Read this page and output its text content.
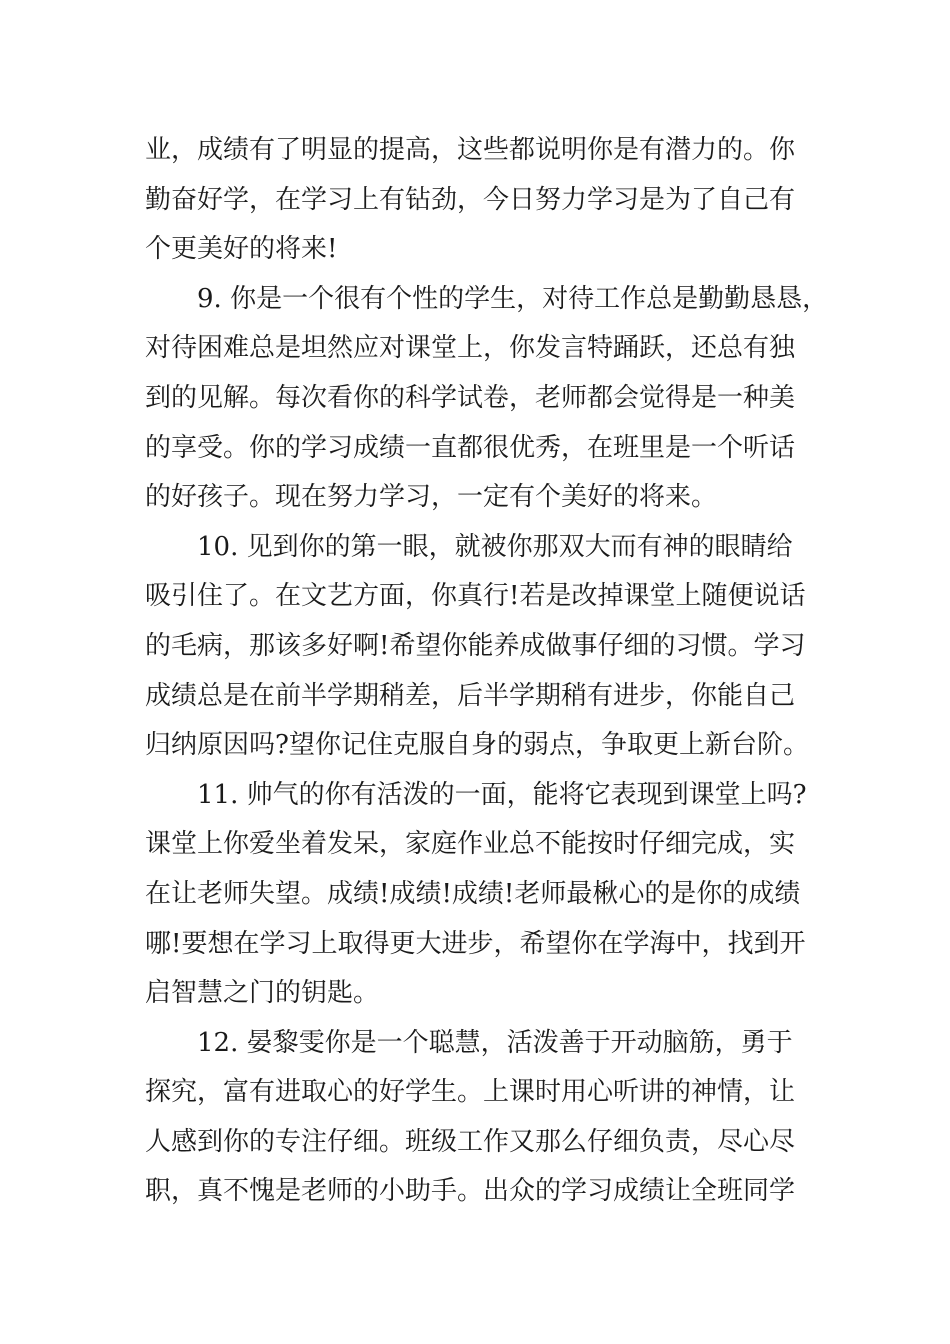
业，成绩有了明显的提高，这些都说明你是有潜力的。你
勤奋好学，在学习上有钻劲，今日努力学习是为了自己有
个更美好的将来!
9. 你是一个很有个性的学生，对待工作总是勤勤恳恳，
对待困难总是坦然应对课堂上，你发言特踊跃，还总有独
到的见解。每次看你的科学试卷，老师都会觉得是一种美
的享受。你的学习成绩一直都很优秀，在班里是一个听话
的好孩子。现在努力学习，一定有个美好的将来。
10. 见到你的第一眼，就被你那双大而有神的眼睛给
吸引住了。在文艺方面，你真行!若是改掉课堂上随便说话
的毛病，那该多好啊!希望你能养成做事仔细的习惯。学习
成绩总是在前半学期稍差，后半学期稍有进步，你能自己
归纳原因吗?望你记住克服自身的弱点，争取更上新台阶。
11. 帅气的你有活泼的一面，能将它表现到课堂上吗?
课堂上你爱坐着发呆，家庭作业总不能按时仔细完成，实
在让老师失望。成绩!成绩!成绩!老师最楸心的是你的成绩
哪!要想在学习上取得更大进步，希望你在学海中，找到开
启智慧之门的钥匙。
12. 晏黎雯你是一个聪慧，活泼善于开动脑筋，勇于
探究，富有进取心的好学生。上课时用心听讲的神情，让
人感到你的专注仔细。班级工作又那么仔细负责，尽心尽
职，真不愧是老师的小助手。出众的学习成绩让全班同学
